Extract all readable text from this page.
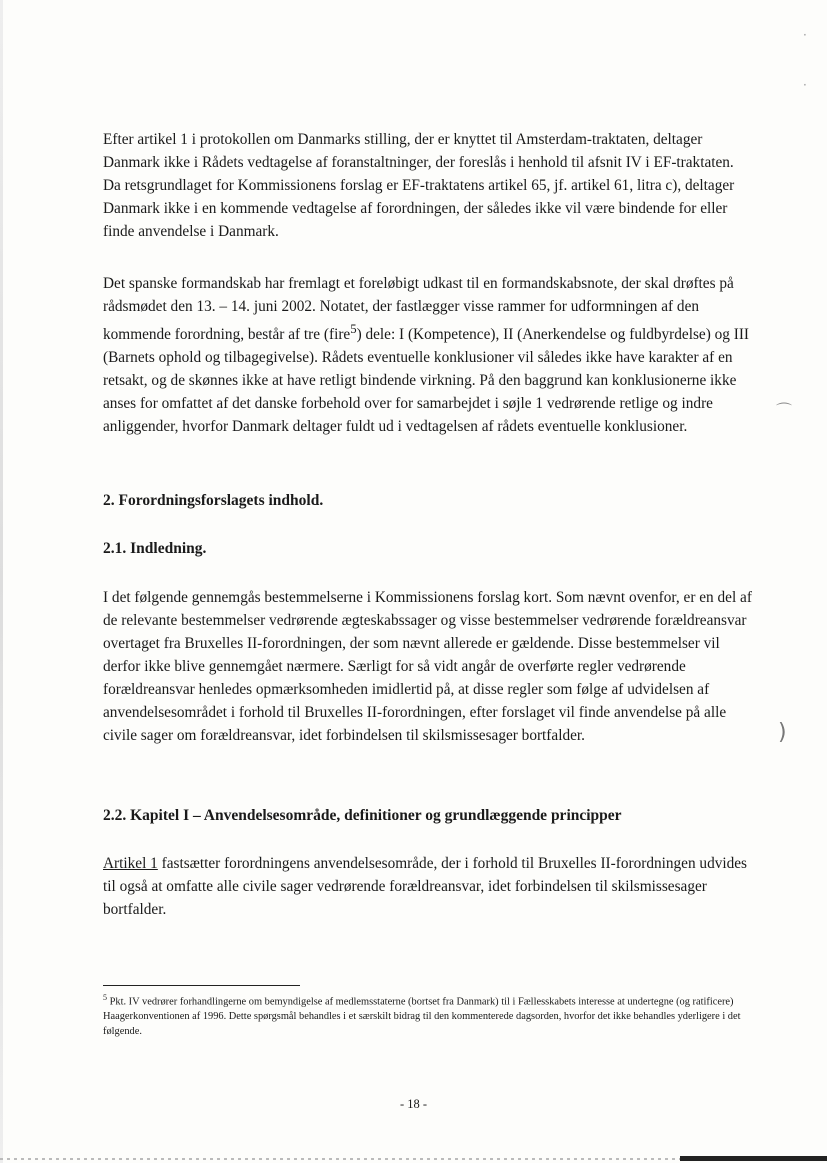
·
·
⌒
)

Efter artikel 1 i protokollen om Danmarks stilling, der er knyttet til Amsterdam-traktaten, deltager Danmark ikke i Rådets vedtagelse af foranstaltninger, der foreslås i henhold til afsnit IV i EF-traktaten. Da retsgrundlaget for Kommissionens forslag er EF-traktatens artikel 65, jf. artikel 61, litra c), deltager Danmark ikke i en kommende vedtagelse af forordningen, der således ikke vil være bindende for eller finde anvendelse i Danmark.

Det spanske formandskab har fremlagt et foreløbigt udkast til en formandskabsnote, der skal drøftes på rådsmødet den 13. – 14. juni 2002. Notatet, der fastlægger visse rammer for udformningen af den kommende forordning, består af tre (fire$^5$) dele: I (Kompetence), II (Anerkendelse og fuldbyrdelse) og III (Barnets ophold og tilbagegivelse). Rådets eventuelle konklusioner vil således ikke have karakter af en retsakt, og de skønnes ikke at have retligt bindende virkning. På den baggrund kan konklusionerne ikke anses for omfattet af det danske forbehold over for samarbejdet i søjle 1 vedrørende retlige og indre anliggender, hvorfor Danmark deltager fuldt ud i vedtagelsen af rådets eventuelle konklusioner.

2. Forordningsforslagets indhold.
2.1. Indledning.

I det følgende gennemgås bestemmelserne i Kommissionens forslag kort. Som nævnt ovenfor, er en del af de relevante bestemmelser vedrørende ægteskabssager og visse bestemmelser vedrørende forældreansvar overtaget fra Bruxelles II-forordningen, der som nævnt allerede er gældende. Disse bestemmelser vil derfor ikke blive gennemgået nærmere. Særligt for så vidt angår de overførte regler vedrørende forældreansvar henledes opmærksomheden imidlertid på, at disse regler som følge af udvidelsen af anvendelsesområdet i forhold til Bruxelles II-forordningen, efter forslaget vil finde anvendelse på alle civile sager om forældreansvar, idet forbindelsen til skilsmissesager bortfalder.

2.2. Kapitel I – Anvendelsesområde, definitioner og grundlæggende principper

Artikel 1 fastsætter forordningens anvendelsesområde, der i forhold til Bruxelles II-forordningen udvides til også at omfatte alle civile sager vedrørende forældreansvar, idet forbindelsen til skilsmissesager bortfalder.

$^5$ Pkt. IV vedrører forhandlingerne om bemyndigelse af medlemsstaterne (bortset fra Danmark) til i Fællesskabets interesse at undertegne (og ratificere) Haagerkonventionen af 1996. Dette spørgsmål behandles i et særskilt bidrag til den kommenterede dagsorden, hvorfor det ikke behandles yderligere i det følgende.
- 18 -
